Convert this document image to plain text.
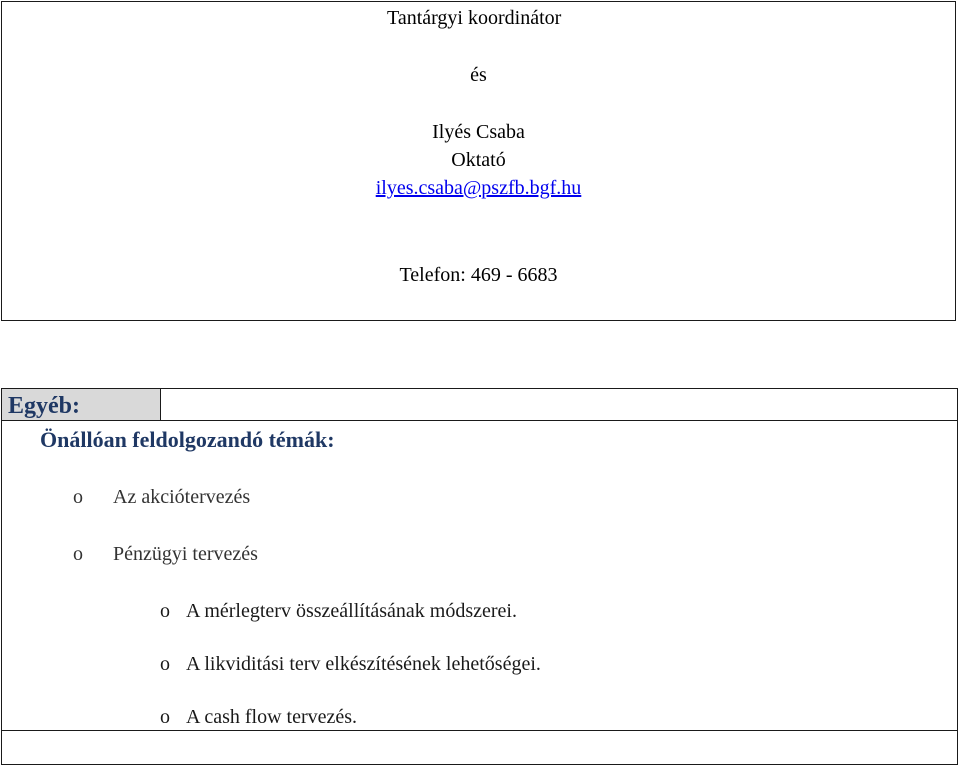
Tantárgyi koordinátor
és
Ilyés Csaba
Oktató
ilyes.csaba@pszfb.bgf.hu
Telefon: 469 - 6683
Egyéb:
Önállóan feldolgozandó témák:
o Az akciótervezés
o Pénzügyi tervezés
o A mérlegterv összeállításának módszerei.
o A likviditási terv elkészítésének lehetőségei.
o A cash flow tervezés.
